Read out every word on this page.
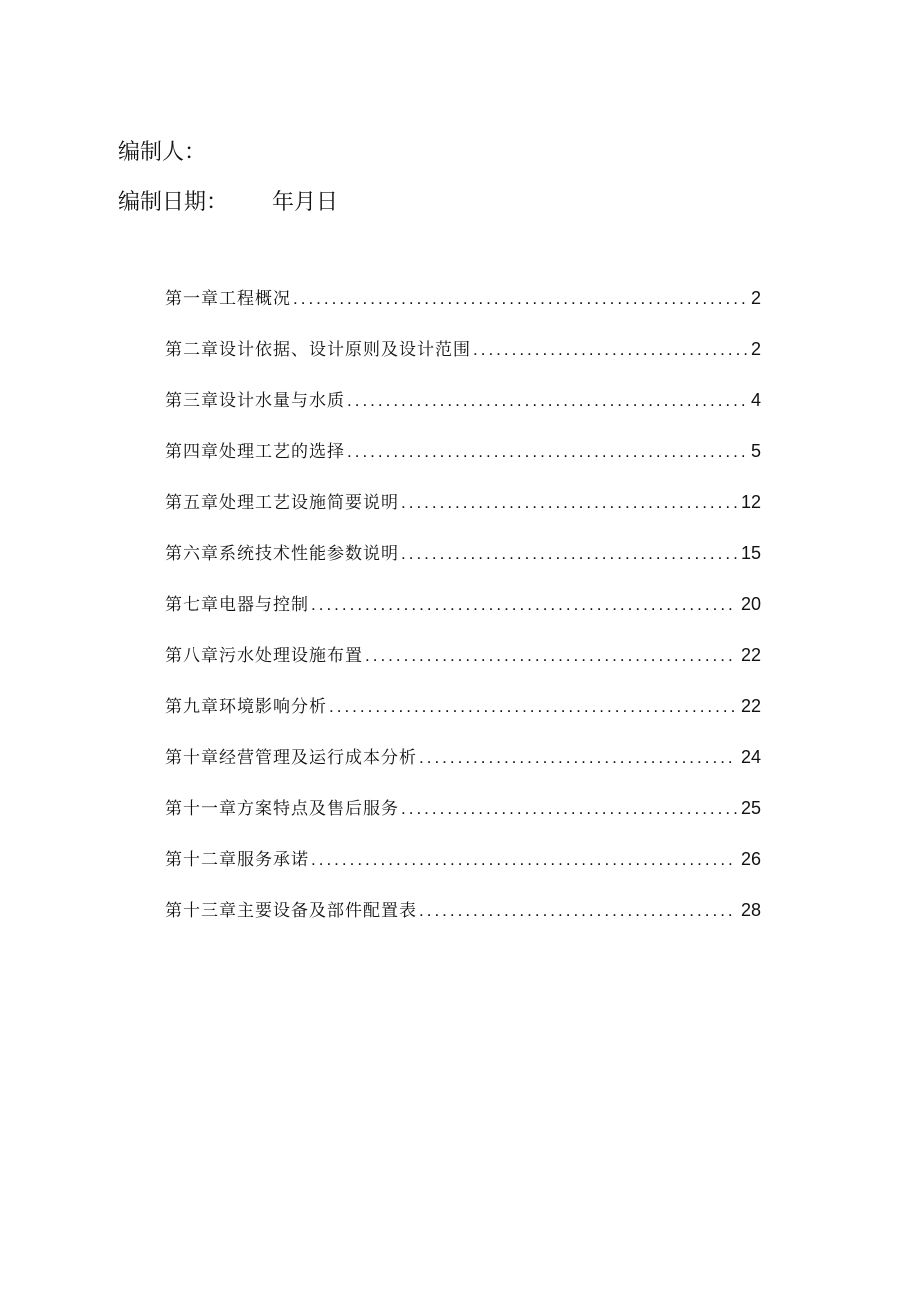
编制人：
编制日期： 年月日
第一章工程概况 .....	2
第二章设计依据、设计原则及设计范围 .....	2
第三章设计水量与水质 .....	4
第四章处理工艺的选择 .....	5
第五章处理工艺设施简要说明 .....	12
第六章系统技术性能参数说明 .....	15
第七章电器与控制 .....	20
第八章污水处理设施布置 .....	22
第九章环境影响分析 .....	22
第十章经营管理及运行成本分析 .....	24
第十一章方案特点及售后服务 .....	25
第十二章服务承诺 .....	26
第十三章主要设备及部件配置表 .....	28
